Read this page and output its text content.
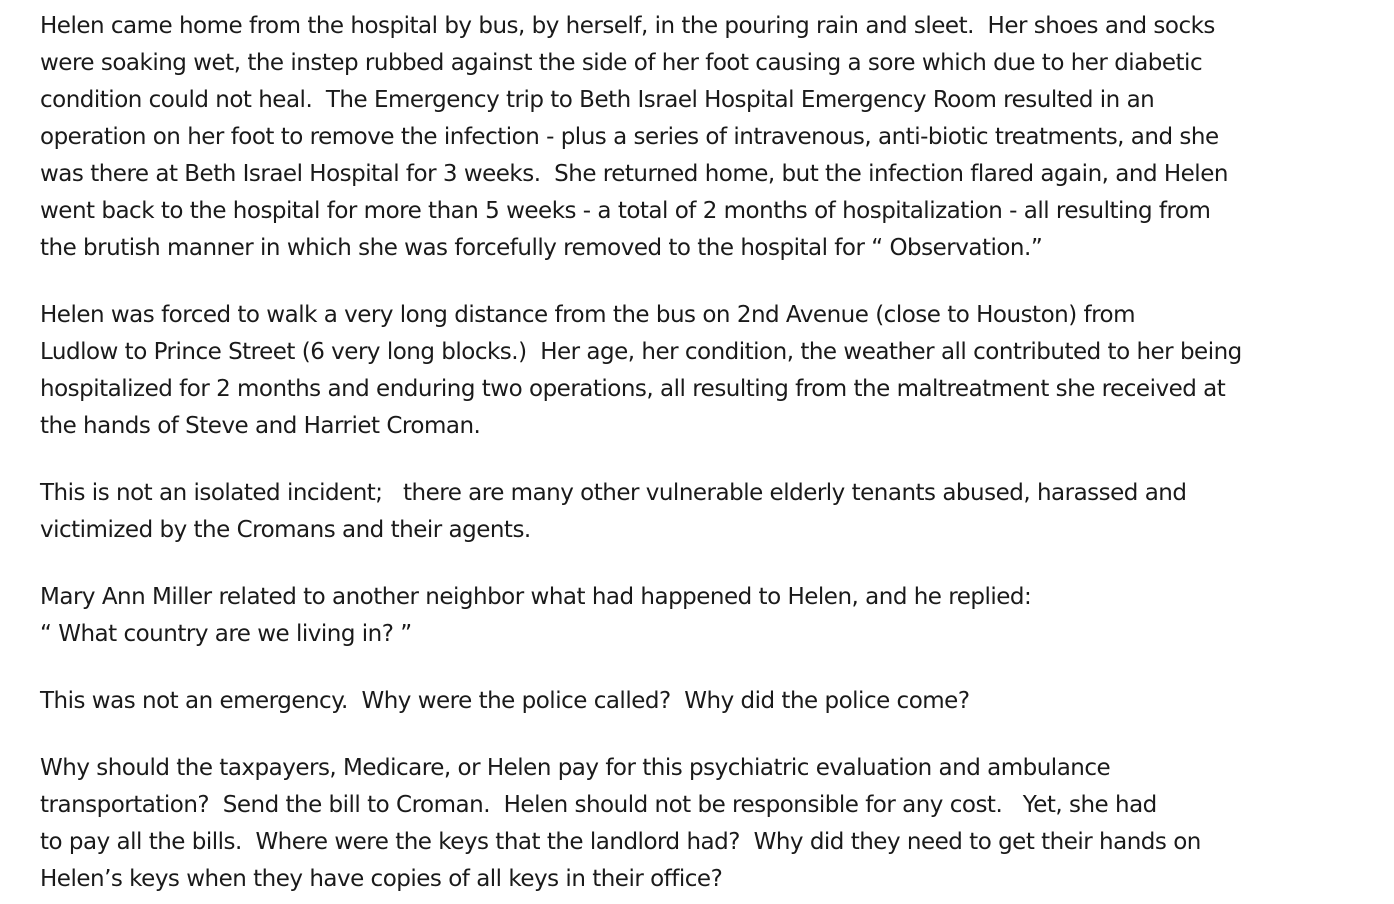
Helen came home from the hospital by bus, by herself, in the pouring rain and sleet.  Her shoes and socks
were soaking wet, the instep rubbed against the side of her foot causing a sore which due to her diabetic
condition could not heal.  The Emergency trip to Beth Israel Hospital Emergency Room resulted in an
operation on her foot to remove the infection - plus a series of intravenous, anti-biotic treatments, and she
was there at Beth Israel Hospital for 3 weeks.  She returned home, but the infection flared again, and Helen
went back to the hospital for more than 5 weeks - a total of 2 months of hospitalization - all resulting from
the brutish manner in which she was forcefully removed to the hospital for “ Observation.”
Helen was forced to walk a very long distance from the bus on 2nd Avenue (close to Houston) from
Ludlow to Prince Street (6 very long blocks.)  Her age, her condition, the weather all contributed to her being
hospitalized for 2 months and enduring two operations, all resulting from the maltreatment she received at
the hands of Steve and Harriet Croman.
This is not an isolated incident;   there are many other vulnerable elderly tenants abused, harassed and
victimized by the Cromans and their agents.
Mary Ann Miller related to another neighbor what had happened to Helen, and he replied:
“ What country are we living in? ”
This was not an emergency.  Why were the police called?  Why did the police come?
Why should the taxpayers, Medicare, or Helen pay for this psychiatric evaluation and ambulance
transportation?  Send the bill to Croman.  Helen should not be responsible for any cost.   Yet, she had
to pay all the bills.  Where were the keys that the landlord had?  Why did they need to get their hands on
Helen’s keys when they have copies of all keys in their office?
